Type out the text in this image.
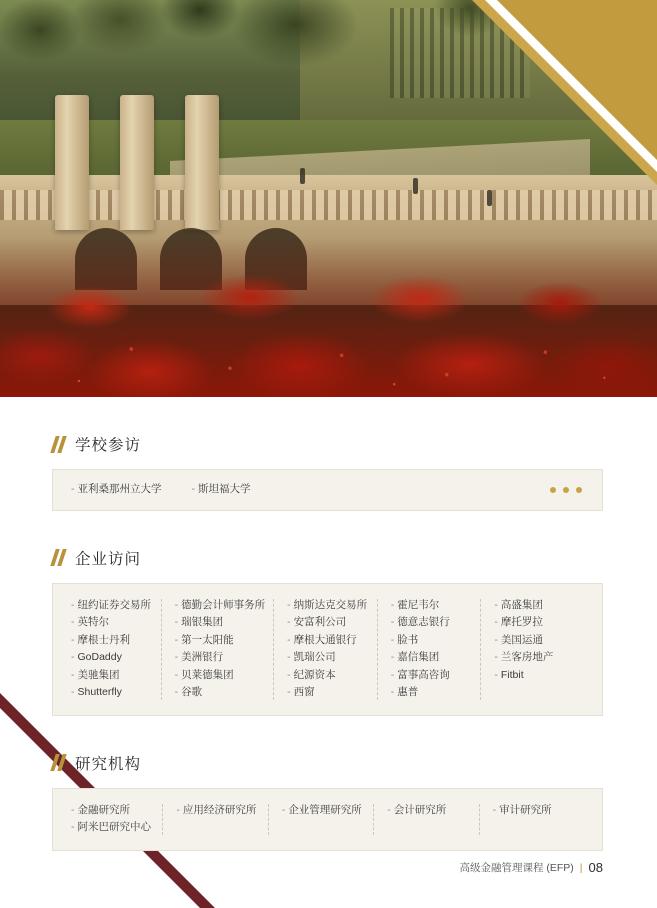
学校参访
- 亚利桑那州立大学	- 斯坦福大学
企业访问
- 纽约证券交易所
- 英特尔
- 摩根士丹利
- GoDaddy
- 美驰集团
- Shutterfly
- 德勤会计师事务所
- 瑞银集团
- 第一太阳能
- 美洲银行
- 贝莱德集团
- 谷歌
- 纳斯达克交易所
- 安富利公司
- 摩根大通银行
- 凯瑞公司
- 纪源资本
- 西窗
- 霍尼韦尔
- 德意志银行
- 脸书
- 嘉信集团
- 富事高咨询
- 惠普
- 高盛集团
- 摩托罗拉
- 美国运通
- 兰客房地产
- Fitbit
研究机构
- 金融研究所
- 阿米巴研究中心
- 应用经济研究所	- 企业管理研究所	- 会计研究所	- 审计研究所
高级金融管理课程 (EFP) | 08
